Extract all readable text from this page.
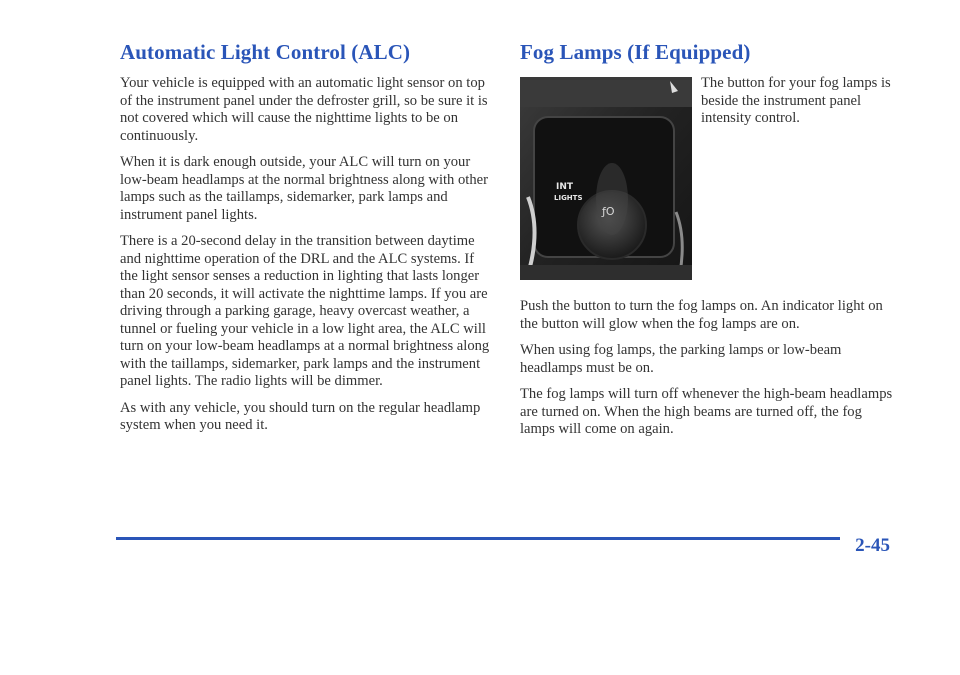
Automatic Light Control (ALC)

Your vehicle is equipped with an automatic light sensor on top of the instrument panel under the defroster grill, so be sure it is not covered which will cause the nighttime lights to be on continuously.

When it is dark enough outside, your ALC will turn on your low-beam headlamps at the normal brightness along with other lamps such as the taillamps, sidemarker, park lamps and instrument panel lights.

There is a 20-second delay in the transition between daytime and nighttime operation of the DRL and the ALC systems. If the light sensor senses a reduction in lighting that lasts longer than 20 seconds, it will activate the nighttime lamps. If you are driving through a parking garage, heavy overcast weather, a tunnel or fueling your vehicle in a low light area, the ALC will turn on your low-beam headlamps at a normal brightness along with the taillamps, sidemarker, park lamps and the instrument panel lights. The radio lights will be dimmer.

As with any vehicle, you should turn on the regular headlamp system when you need it.

Fog Lamps (If Equipped)
INT
LIGHTS
ƒO

The button for your fog lamps is beside the instrument panel intensity control.

Push the button to turn the fog lamps on. An indicator light on the button will glow when the fog lamps are on.

When using fog lamps, the parking lamps or low-beam headlamps must be on.

The fog lamps will turn off whenever the high-beam headlamps are turned on. When the high beams are turned off, the fog lamps will come on again.

2-45
